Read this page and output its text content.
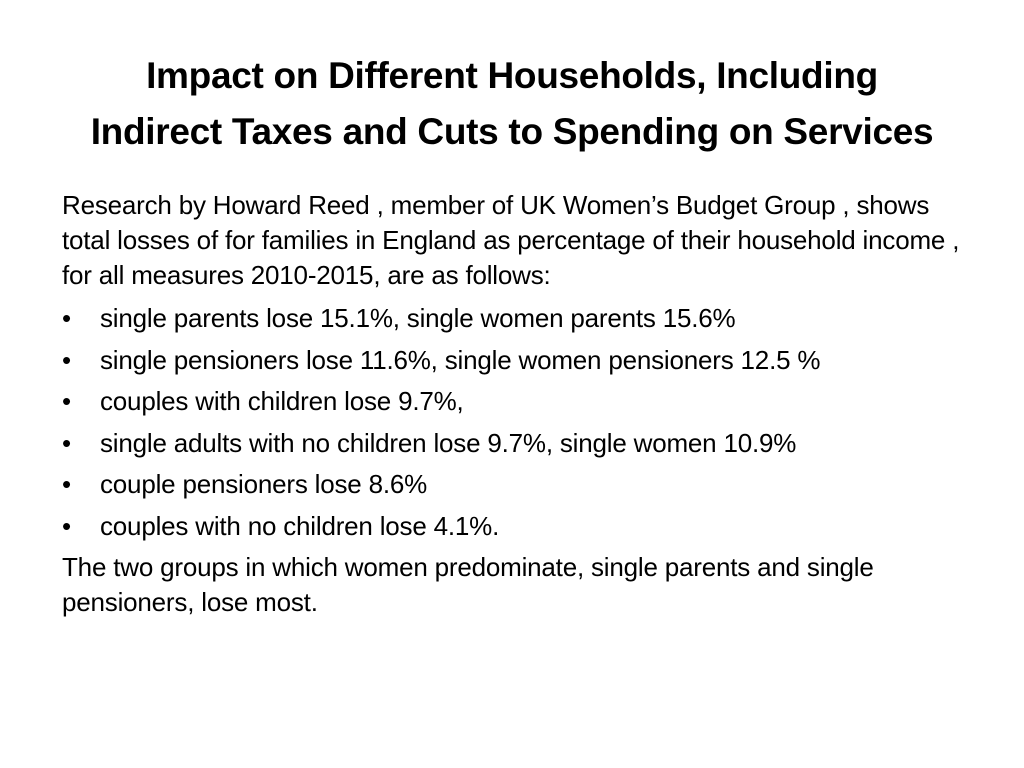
Impact on Different Households, Including
Indirect Taxes and Cuts to Spending on Services

Research by Howard Reed , member of UK Women’s Budget Group , shows total losses of for families in England as percentage of their household income , for all measures 2010-2015, are as follows:

•	single parents lose 15.1%, single women parents 15.6%
•	single pensioners lose 11.6%, single women pensioners 12.5 %
•	couples with children lose 9.7%,
•	single adults with no children lose 9.7%, single women 10.9%
•	couple pensioners lose 8.6%
•	couples with no children lose 4.1%.

The two groups in which women predominate, single parents and single pensioners, lose most.
